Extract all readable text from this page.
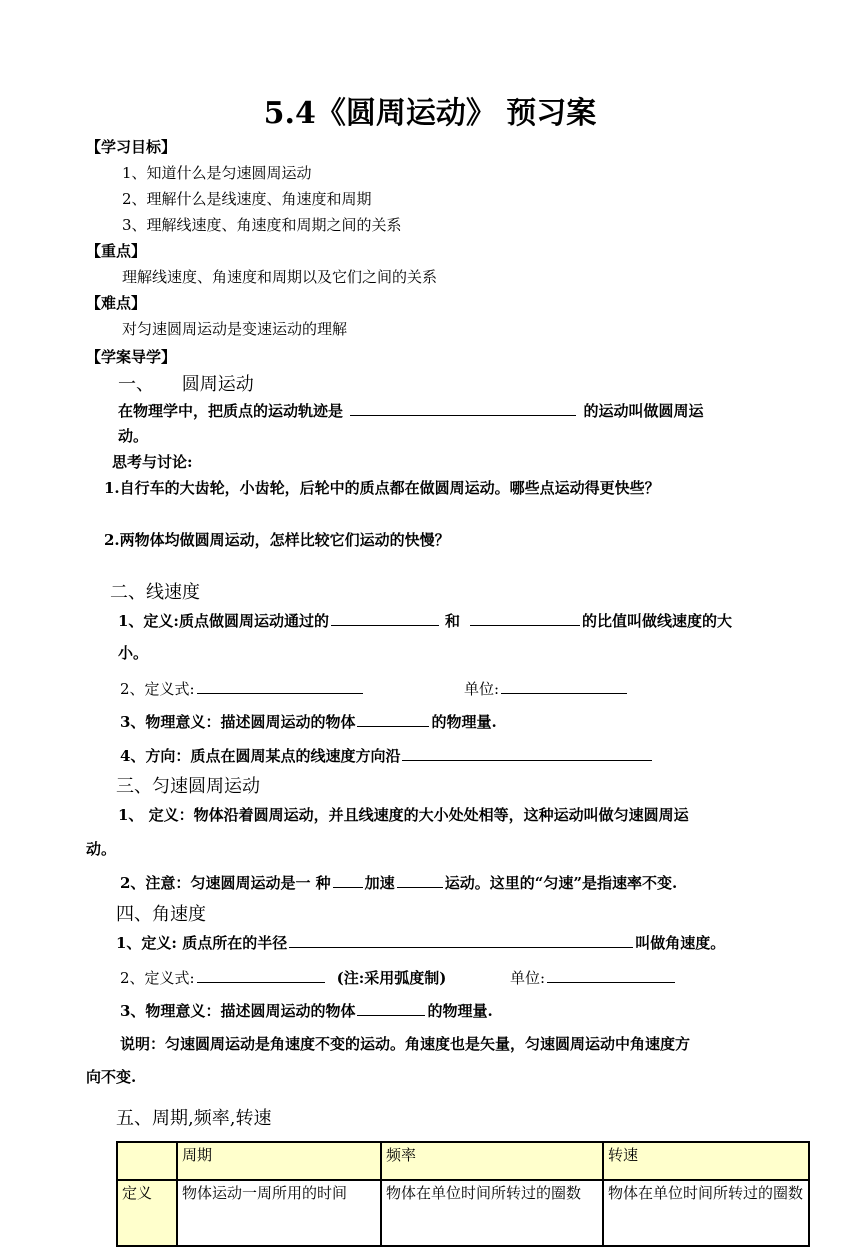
5.4《圆周运动》 预习案
【学习目标】
1、知道什么是匀速圆周运动
2、理解什么是线速度、角速度和周期
3、理解线速度、角速度和周期之间的关系
【重点】
理解线速度、角速度和周期以及它们之间的关系
【难点】
对匀速圆周运动是变速运动的理解
【学案导学】
一、 圆周运动
在物理学中，把质点的运动轨迹是	的运动叫做圆周运
动。
思考与讨论:
1.自行车的大齿轮，小齿轮，后轮中的质点都在做圆周运动。哪些点运动得更快些？
2.两物体均做圆周运动，怎样比较它们运动的快慢？
二、线速度
1、定义:质点做圆周运动通过的	和	的比值叫做线速度的大
小。
2、定义式:	单位:
3、物理意义：描述圆周运动的物体	的物理量.
4、方向：质点在圆周某点的线速度方向沿
三、匀速圆周运动
1、 定义：物体沿着圆周运动，并且线速度的大小处处相等，这种运动叫做匀速圆周运
动。
2、注意：匀速圆周运动是一 种 加速	运动。这里的“匀速”是指速率不变.
四、角速度
1、定义: 质点所在的半径	叫做角速度。
2、定义式:	(注:采用弧度制)	单位:
3、物理意义：描述圆周运动的物体	的物理量.
说明：匀速圆周运动是角速度不变的运动。角速度也是矢量，匀速圆周运动中角速度方
向不变.
五、周期,频率,转速
	周期	频率	转速
定义	物体运动一周所用的时间	物体在单位时间所转过的圈数	物体在单位时间所转过的圈数
